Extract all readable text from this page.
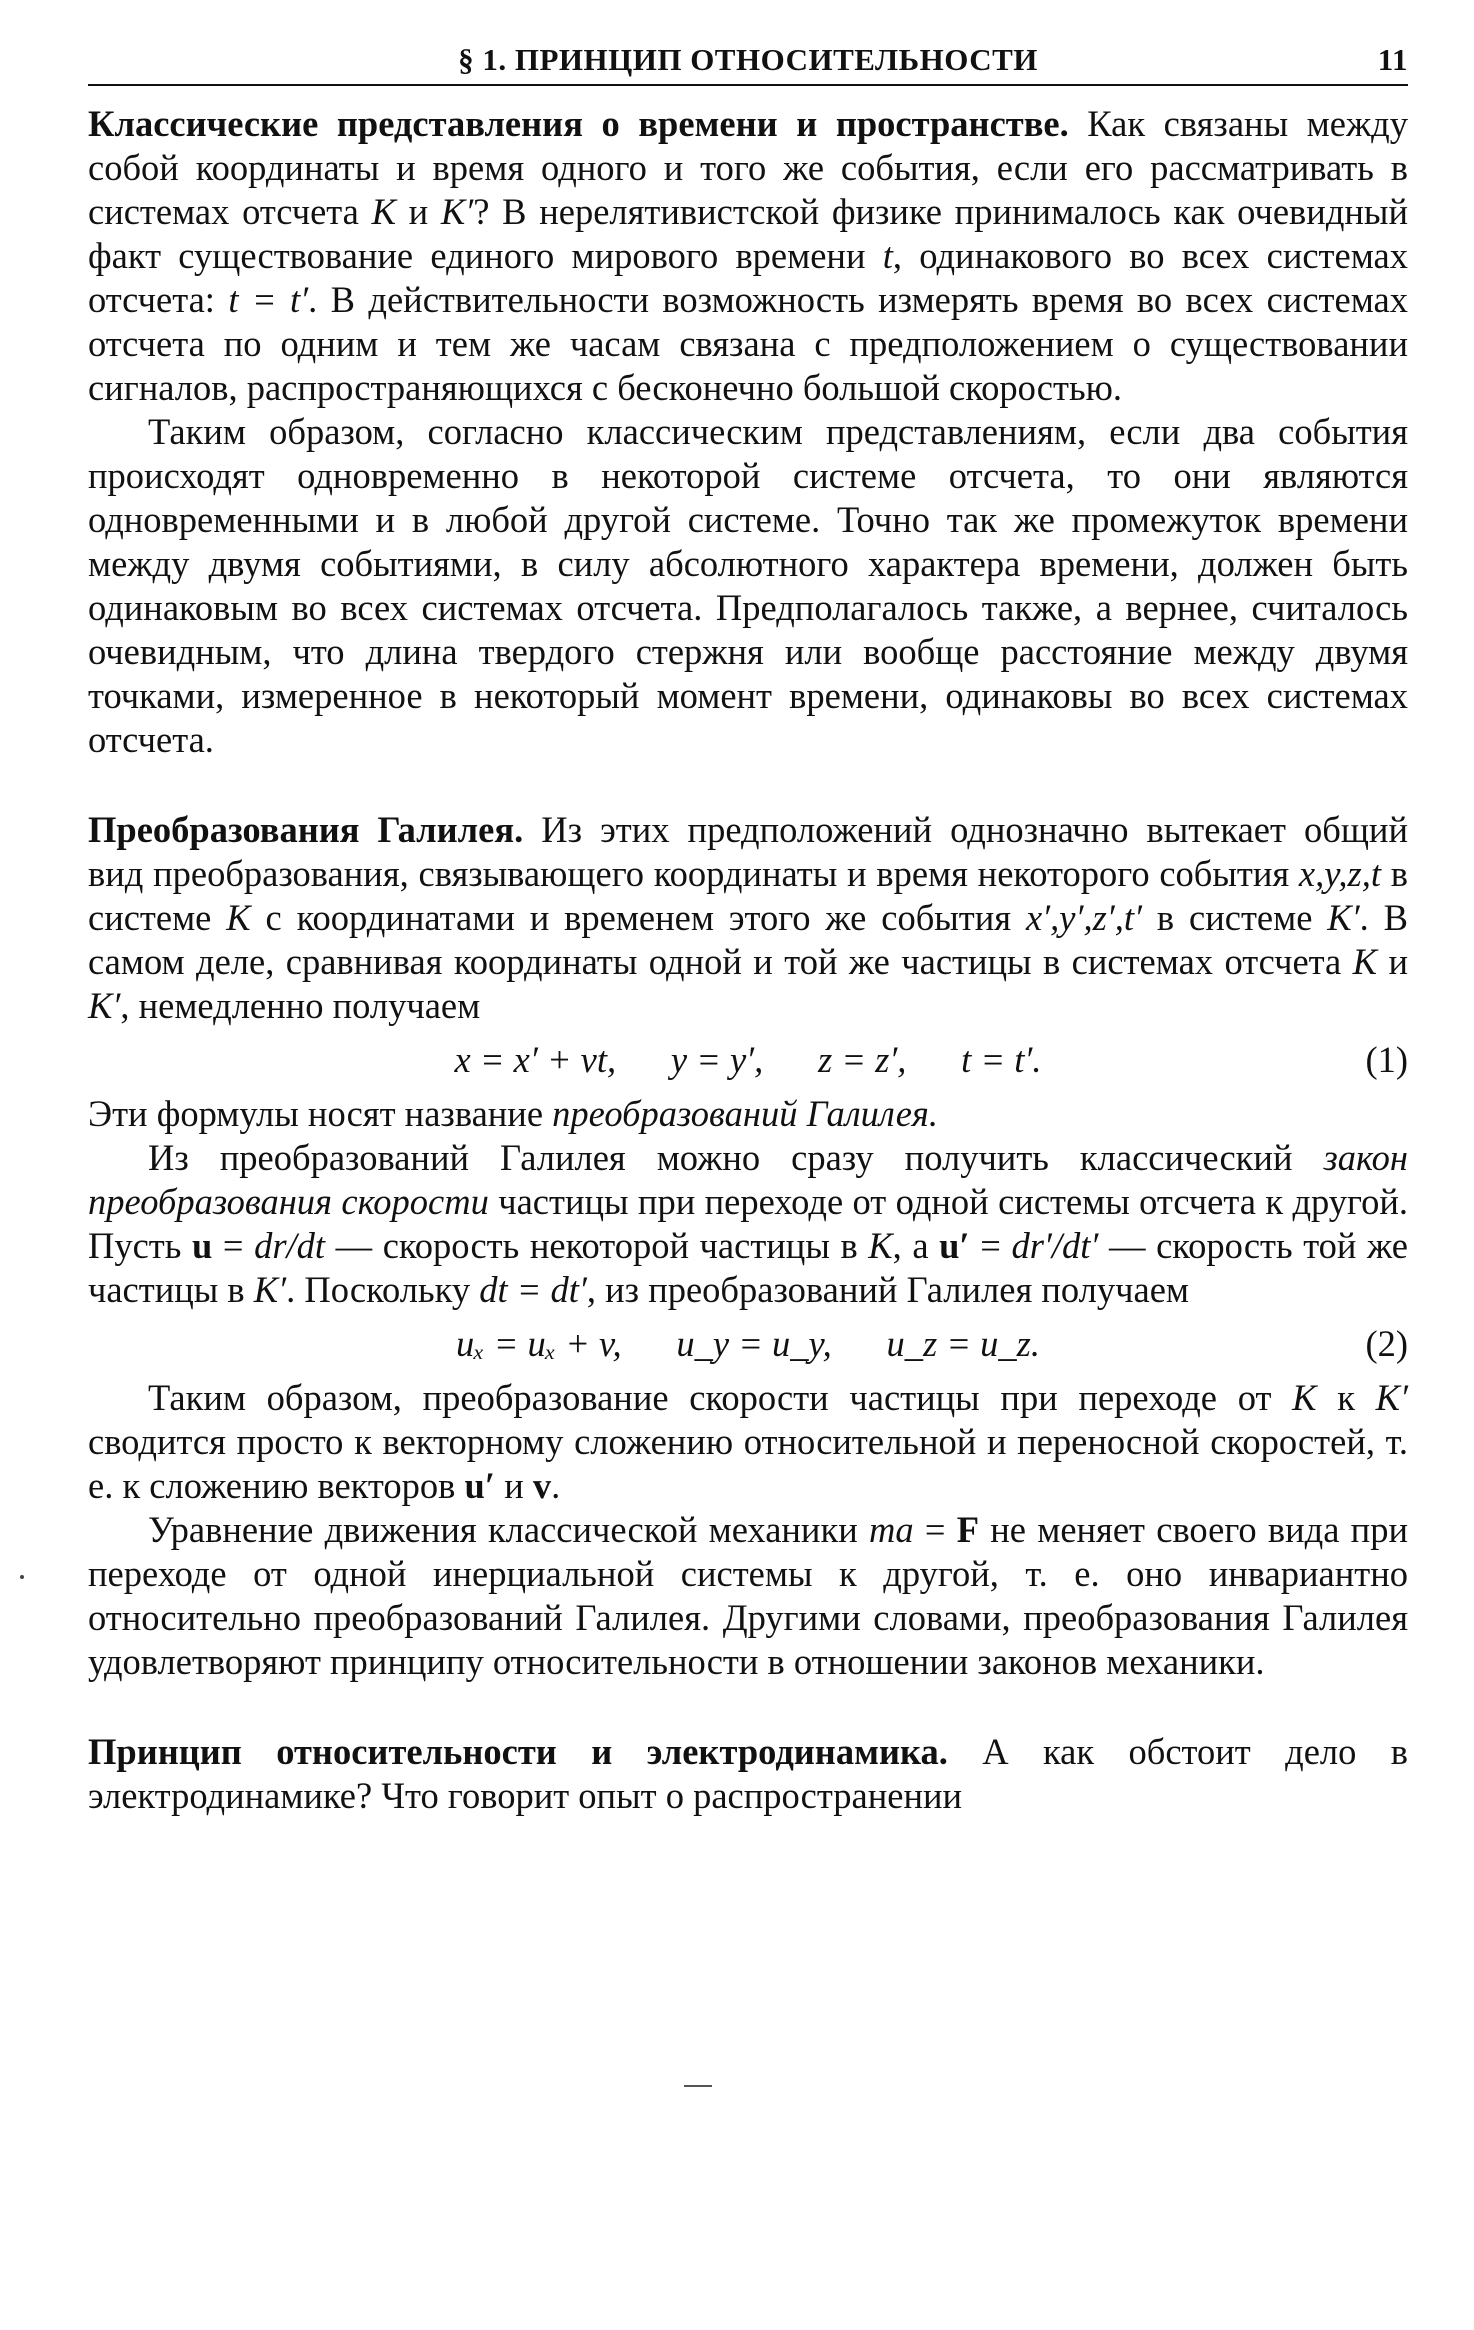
§ 1. ПРИНЦИП ОТНОСИТЕЛЬНОСТИ	11

Классические представления о времени и пространстве. Как связаны между собой координаты и время одного и того же события, если его рассматривать в системах отсчета K и K′? В нерелятивистской физике принималось как очевидный факт существование единого мирового времени t, одинакового во всех системах отсчета: t = t′. В действительности возможность измерять время во всех системах отсчета по одним и тем же часам связана с предположением о существовании сигналов, распространяющихся с бесконечно большой скоростью.

Таким образом, согласно классическим представлениям, если два события происходят одновременно в некоторой системе отсчета, то они являются одновременными и в любой другой системе. Точно так же промежуток времени между двумя событиями, в силу абсолютного характера времени, должен быть одинаковым во всех системах отсчета. Предполагалось также, а вернее, считалось очевидным, что длина твердого стержня или вообще расстояние между двумя точками, измеренное в некоторый момент времени, одинаковы во всех системах отсчета.

Преобразования Галилея. Из этих предположений однозначно вытекает общий вид преобразования, связывающего координаты и время некоторого события x,y,z,t в системе K с координатами и временем этого же события x′,y′,z′,t′ в системе K′. В самом деле, сравнивая координаты одной и той же частицы в системах отсчета K и K′, немедленно получаем

x = x′ + vt,      y = y′,      z = z′,      t = t′.	(1)

Эти формулы носят название преобразований Галилея.

Из преобразований Галилея можно сразу получить классический закон преобразования скорости частицы при переходе от одной системы отсчета к другой. Пусть u = dr/dt — скорость некоторой частицы в K, а u′ = dr′/dt′ — скорость той же частицы в K′. Поскольку dt = dt′, из преобразований Галилея получаем

uₓ = uₓ + v,      u_y = u_y,      u_z = u_z.	(2)

Таким образом, преобразование скорости частицы при переходе от K к K′ сводится просто к векторному сложению относительной и переносной скоростей, т. е. к сложению векторов u′ и v.

Уравнение движения классической механики ma = F не меняет своего вида при переходе от одной инерциальной системы к другой, т. е. оно инвариантно относительно преобразований Галилея. Другими словами, преобразования Галилея удовлетворяют принципу относительности в отношении законов механики.

Принцип относительности и электродинамика. А как обстоит дело в электродинамике? Что говорит опыт о распространении
